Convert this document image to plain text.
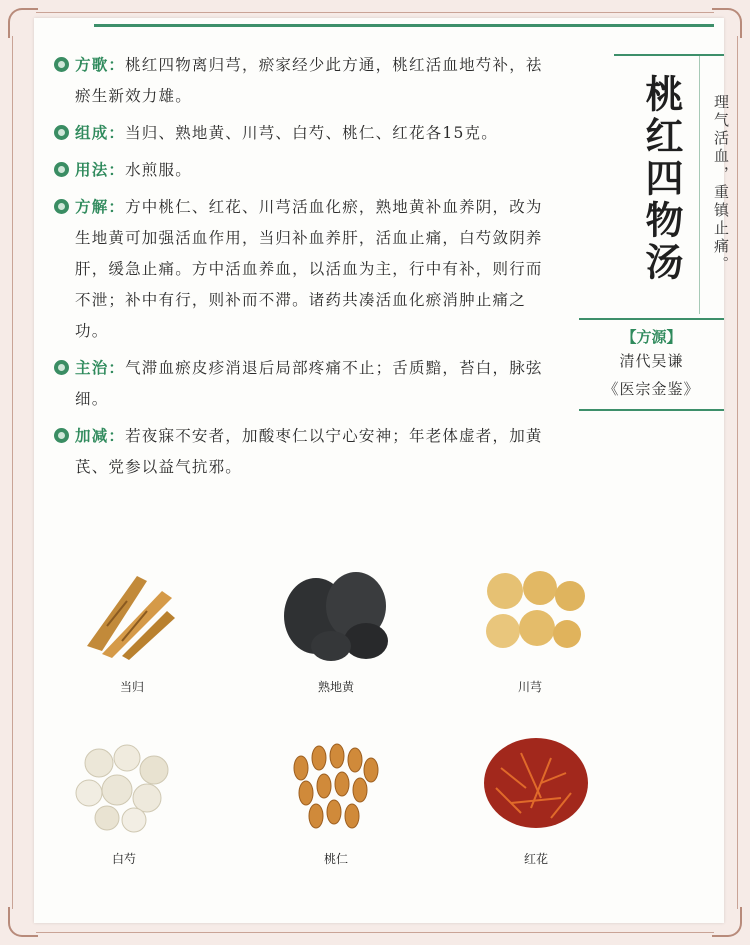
方歌：桃红四物离归芎，瘀家经少此方通，桃红活血地芍补，祛瘀生新效力雄。
组成：当归、熟地黄、川芎、白芍、桃仁、红花各15克。
用法：水煎服。
方解：方中桃仁、红花、川芎活血化瘀，熟地黄补血养阴，改为生地黄可加强活血作用，当归补血养肝，活血止痛，白芍敛阴养肝，缓急止痛。方中活血养血，以活血为主，行中有补，则行而不泄；补中有行，则补而不滞。诸药共凑活血化瘀消肿止痛之功。
主治：气滞血瘀皮疹消退后局部疼痛不止；舌质黯，苔白，脉弦细。
加减：若夜寐不安者，加酸枣仁以宁心安神；年老体虚者，加黄芪、党参以益气抗邪。
桃红四物汤	理气活血，重镇止痛。
【方源】
清代吴谦
《医宗金鉴》
当归	熟地黄	川芎
白芍	桃仁	红花
